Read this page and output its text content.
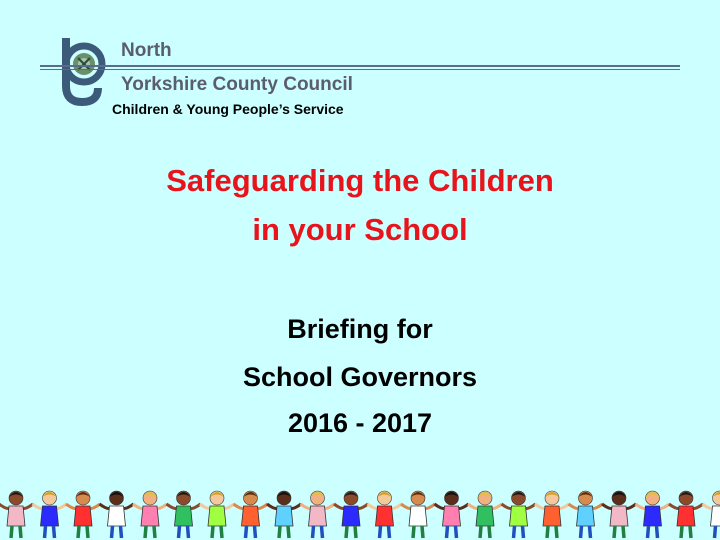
North
Yorkshire County Council
Children & Young People’s Service
Safeguarding the Children
in your School
Briefing for
School Governors
2016 - 2017
